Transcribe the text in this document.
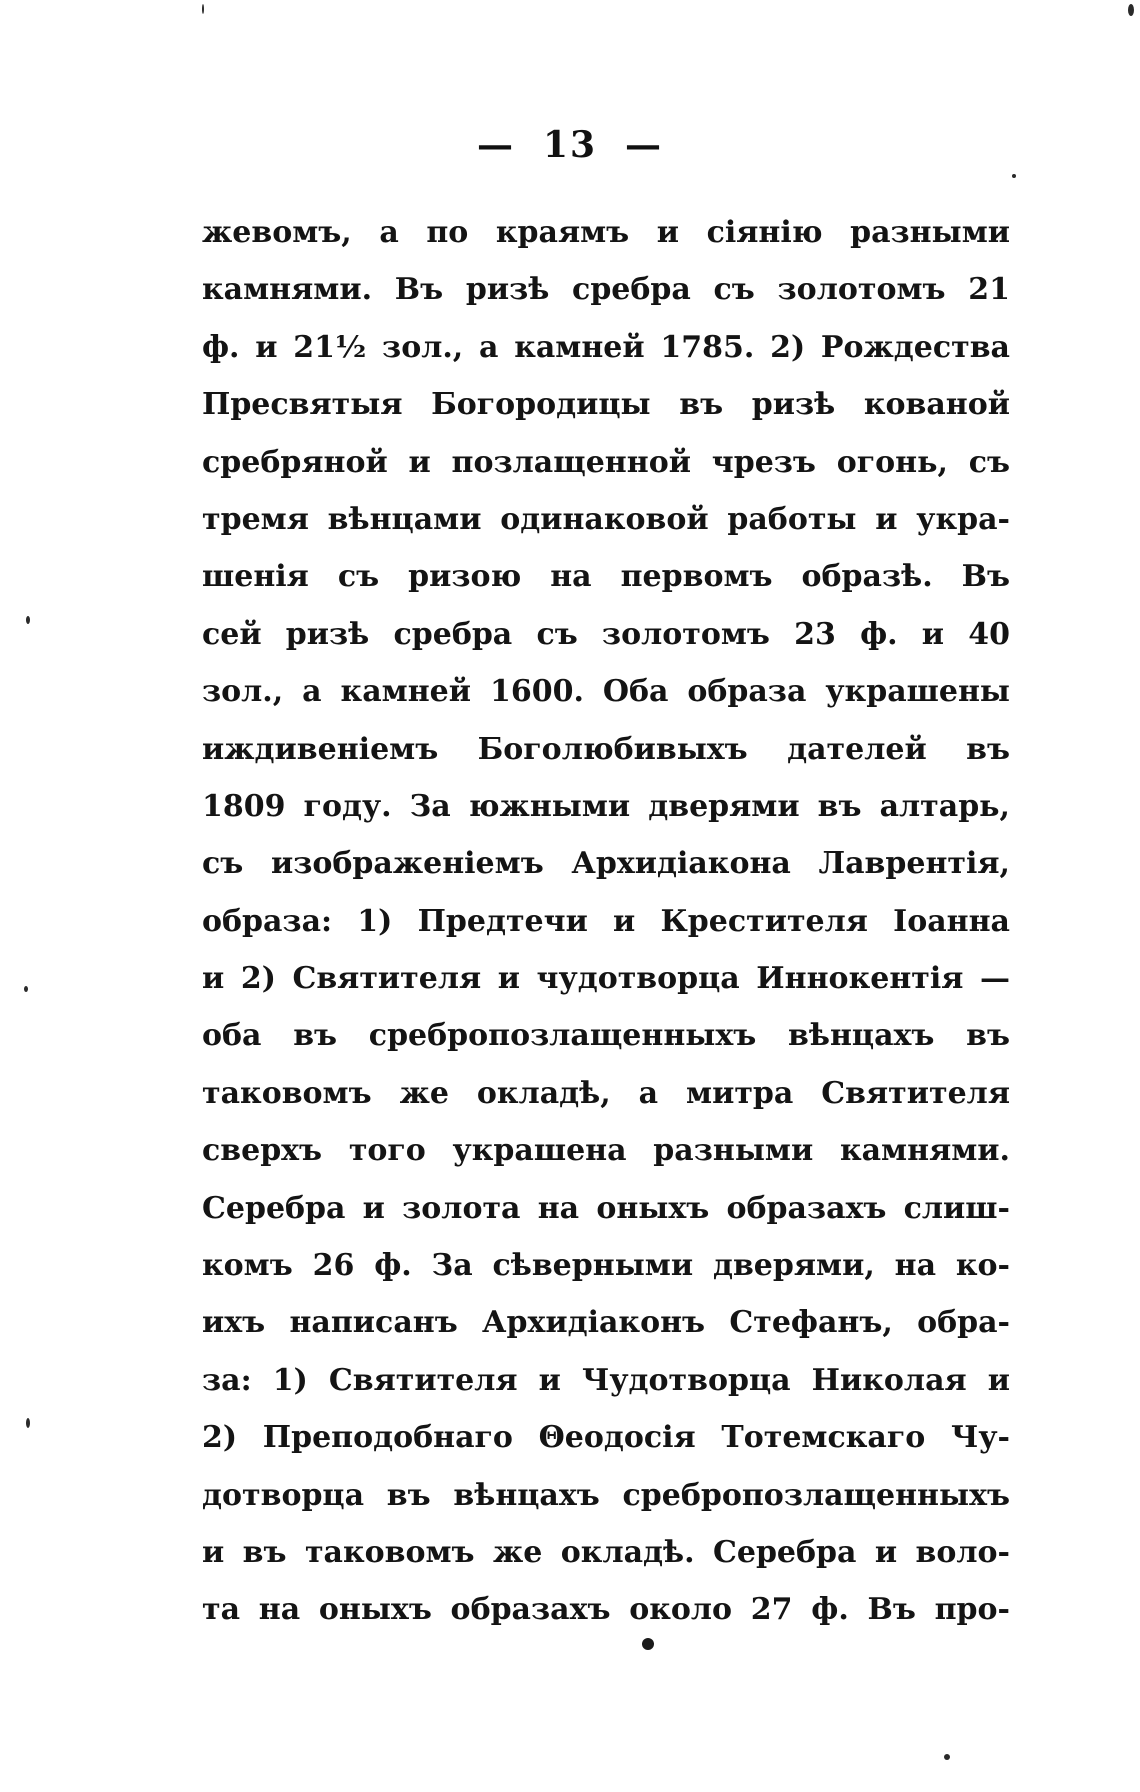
— 13 —
жевомъ, а по краямъ и сіянію разными
камнями. Въ ризѣ сребра съ золотомъ 21
ф. и 21½ зол., а камней 1785. 2) Рождества
Пресвятыя Богородицы въ ризѣ кованой
сребряной и позлащенной чрезъ огонь, съ
тремя вѣнцами одинаковой работы и укра-
шенія съ ризою на первомъ образѣ. Въ
сей ризѣ сребра съ золотомъ 23 ф. и 40
зол., а камней 1600. Оба образа украшены
иждивеніемъ Боголюбивыхъ дателей въ
1809 году. За южными дверями въ алтарь,
съ изображеніемъ Архидіакона Лаврентія,
образа: 1) Предтечи и Крестителя Іоанна
и 2) Святителя и чудотворца Иннокентія —
оба въ сребропозлащенныхъ вѣнцахъ въ
таковомъ же окладѣ, а митра Святителя
сверхъ того украшена разными камнями.
Серебра и золота на оныхъ образахъ слиш-
комъ 26 ф. За сѣверными дверями, на ко-
ихъ написанъ Архидіаконъ Стефанъ, обра-
за: 1) Святителя и Чудотворца Николая и
2) Преподобнаго Θеодосія Тотемскаго Чу-
дотворца въ вѣнцахъ сребропозлащенныхъ
и въ таковомъ же окладѣ. Серебра и воло-
та на оныхъ образахъ около 27 ф. Въ про-
